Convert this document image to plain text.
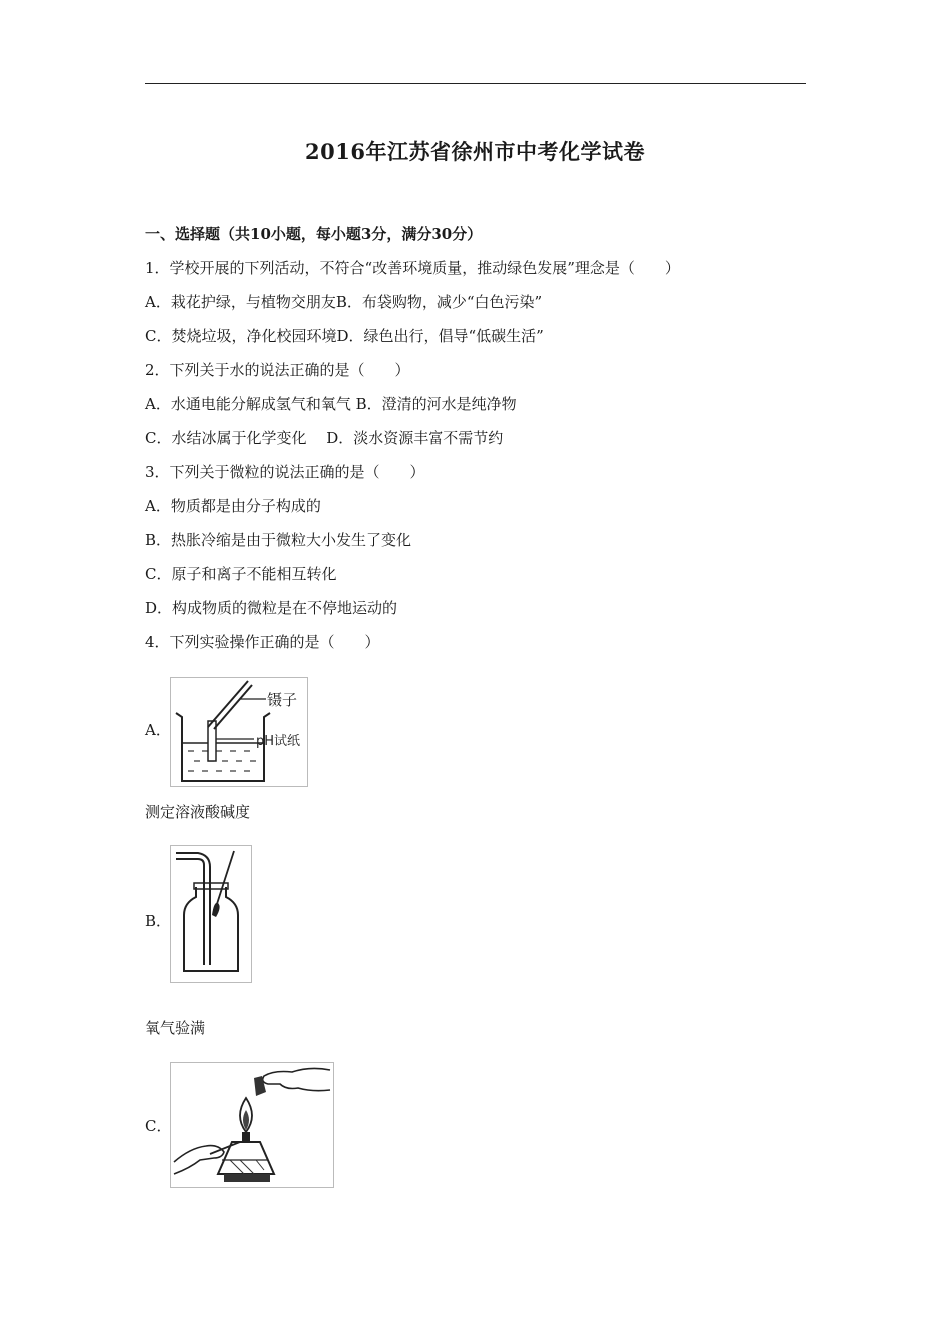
2016年江苏省徐州市中考化学试卷
一、选择题（共10小题，每小题3分，满分30分）
1．学校开展的下列活动，不符合“改善环境质量，推动绿色发展”理念是（　　）
A．栽花护绿，与植物交朋友B．布袋购物，减少“白色污染”
C．焚烧垃圾，净化校园环境D．绿色出行，倡导“低碳生活”
2．下列关于水的说法正确的是（　　）
A．水通电能分解成氢气和氧气 B．澄清的河水是纯净物
C．水结冰属于化学变化　 D．淡水资源丰富不需节约
3．下列关于微粒的说法正确的是（　　）
A．物质都是由分子构成的
B．热胀冷缩是由于微粒大小发生了变化
C．原子和离子不能相互转化
D．构成物质的微粒是在不停地运动的
4．下列实验操作正确的是（　　）
A．
镊子
pH试纸
测定溶液酸碱度
B．
氧气验满
C．
